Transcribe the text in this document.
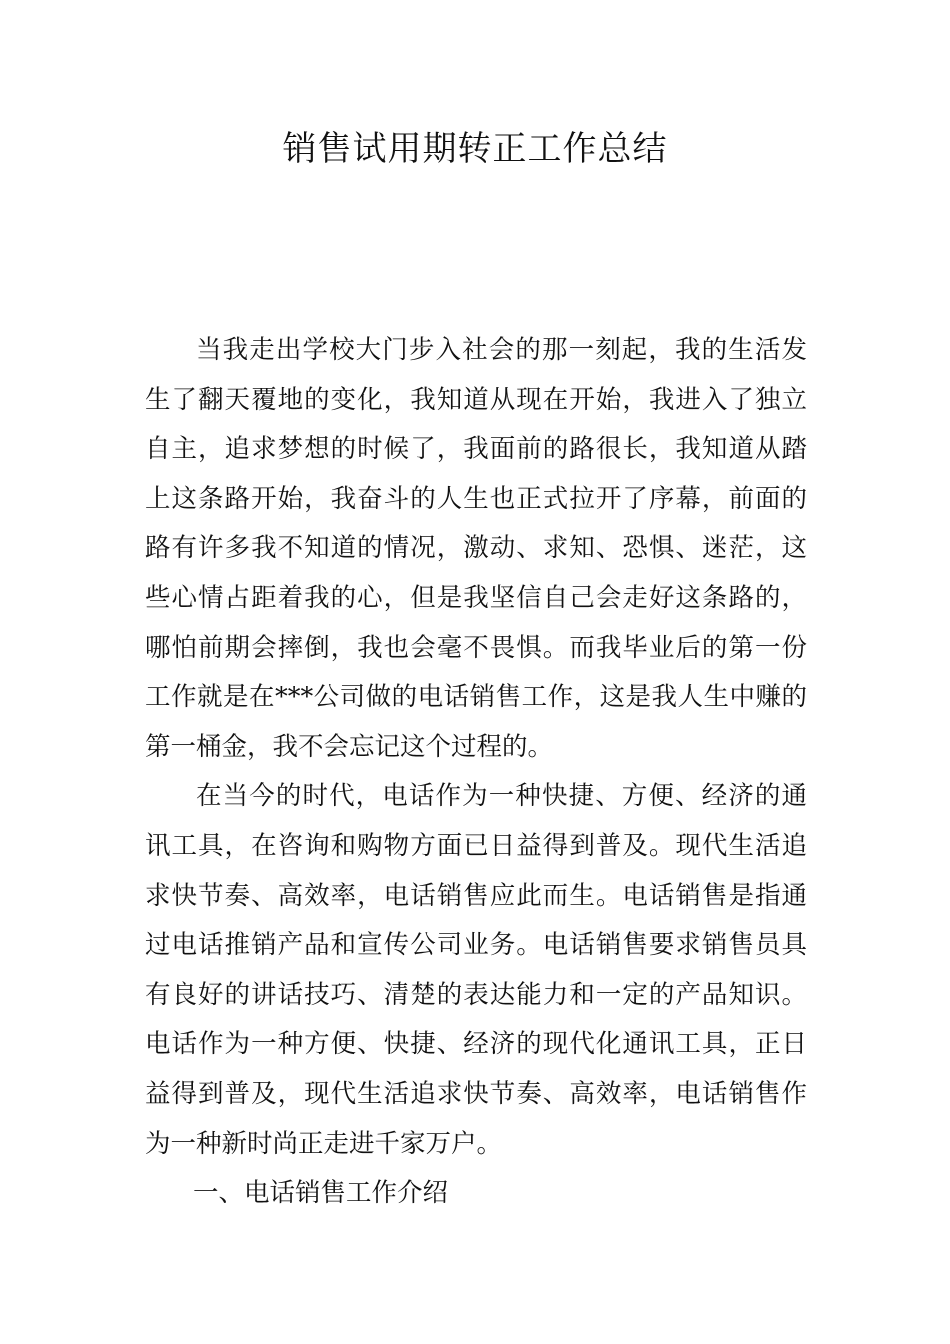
销售试用期转正工作总结

当我走出学校大门步入社会的那一刻起，我的生活发生了翻天覆地的变化，我知道从现在开始，我进入了独立自主，追求梦想的时候了，我面前的路很长，我知道从踏上这条路开始，我奋斗的人生也正式拉开了序幕，前面的路有许多我不知道的情况，激动、求知、恐惧、迷茫，这些心情占距着我的心，但是我坚信自己会走好这条路的，哪怕前期会摔倒，我也会毫不畏惧。而我毕业后的第一份工作就是在***公司做的电话销售工作，这是我人生中赚的第一桶金，我不会忘记这个过程的。

在当今的时代，电话作为一种快捷、方便、经济的通讯工具，在咨询和购物方面已日益得到普及。现代生活追求快节奏、高效率，电话销售应此而生。电话销售是指通过电话推销产品和宣传公司业务。电话销售要求销售员具有良好的讲话技巧、清楚的表达能力和一定的产品知识。电话作为一种方便、快捷、经济的现代化通讯工具，正日益得到普及，现代生活追求快节奏、高效率，电话销售作为一种新时尚正走进千家万户。

一、电话销售工作介绍
